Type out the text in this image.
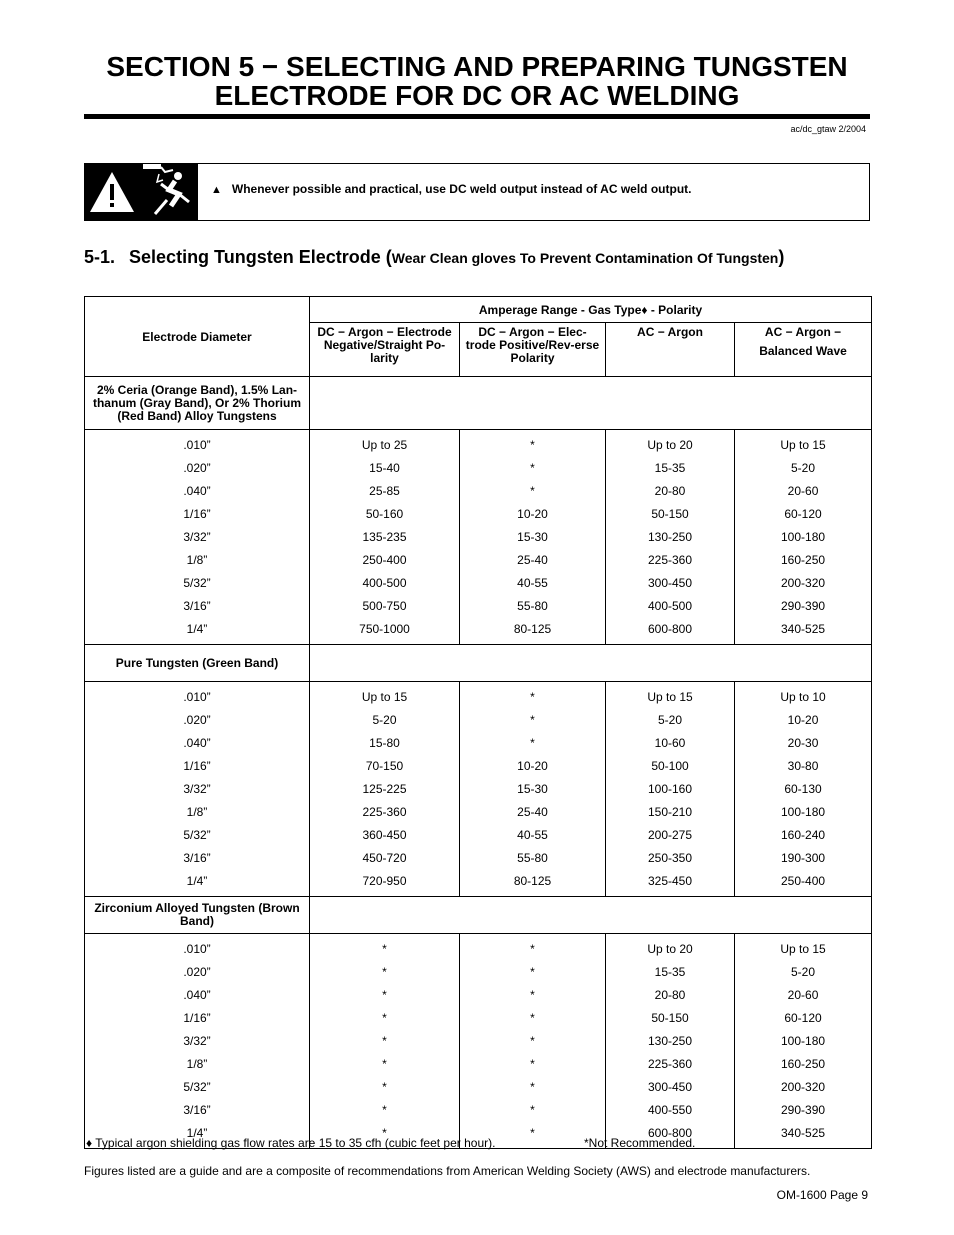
SECTION 5 − SELECTING AND PREPARING TUNGSTEN
ELECTRODE FOR DC OR AC WELDING
ac/dc_gtaw 2/2004
▲ Whenever possible and practical, use DC weld output instead of AC weld output.
5-1. Selecting Tungsten Electrode (Wear Clean gloves To Prevent Contamination Of Tungsten)
Electrode Diameter	Amperage Range - Gas Type♦ - Polarity			
	DC − Argon − Electrode Negative/Straight Po-larity	DC − Argon − Elec-trode Positive/Rev-erse Polarity	AC − Argon	AC − Argon −
Balanced Wave

2% Ceria (Orange Band), 1.5% Lan-thanum (Gray Band), Or 2% Thorium (Red Band) Alloy Tungstens				
.010”	Up to 25	*	Up to 20	Up to 15
.020”	15-40	*	15-35	5-20
.040”	25-85	*	20-80	20-60
1/16”	50-160	10-20	50-150	60-120
3/32”	135-235	15-30	130-250	100-180
1/8”	250-400	25-40	225-360	160-250
5/32”	400-500	40-55	300-450	200-320
3/16”	500-750	55-80	400-500	290-390
1/4”	750-1000	80-125	600-800	340-525
Pure Tungsten (Green Band)				
.010”	Up to 15	*	Up to 15	Up to 10
.020”	5-20	*	5-20	10-20
.040”	15-80	*	10-60	20-30
1/16”	70-150	10-20	50-100	30-80
3/32”	125-225	15-30	100-160	60-130
1/8”	225-360	25-40	150-210	100-180
5/32”	360-450	40-55	200-275	160-240
3/16”	450-720	55-80	250-350	190-300
1/4”	720-950	80-125	325-450	250-400
Zirconium Alloyed Tungsten (Brown Band)				
.010”	*	*	Up to 20	Up to 15
.020”	*	*	15-35	5-20
.040”	*	*	20-80	20-60
1/16”	*	*	50-150	60-120
3/32”	*	*	130-250	100-180
1/8”	*	*	225-360	160-250
5/32”	*	*	300-450	200-320
3/16”	*	*	400-550	290-390
1/4”	*	*	600-800	340-525
♦ Typical argon shielding gas flow rates are 15 to 35 cfh (cubic feet per hour).	*Not Recommended.
Figures listed are a guide and are a composite of recommendations from American Welding Society (AWS) and electrode manufacturers.
OM-1600 Page 9
